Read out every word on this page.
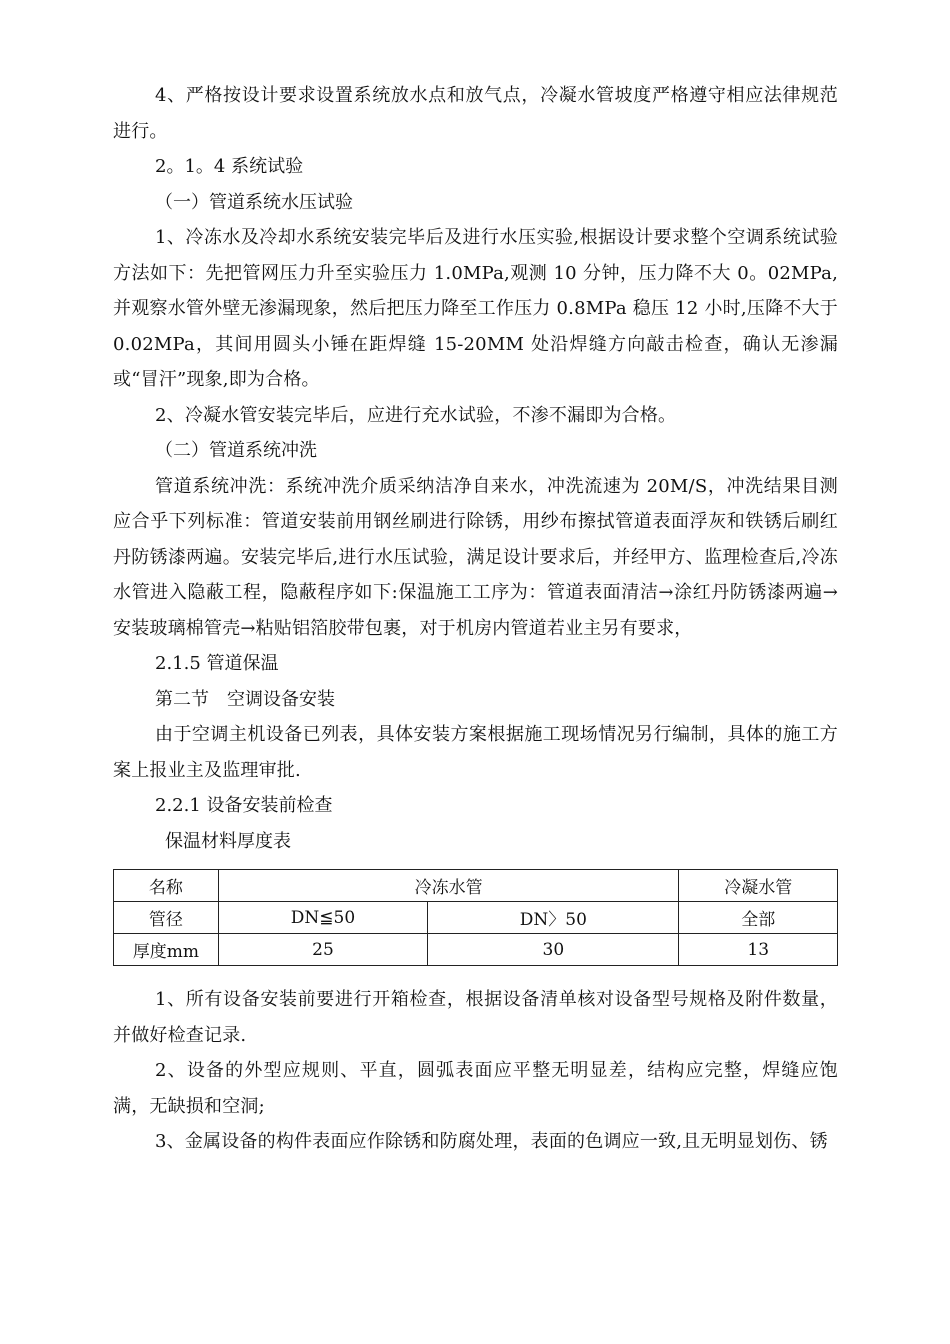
4、严格按设计要求设置系统放水点和放气点，冷凝水管坡度严格遵守相应法律规范进行。

2。1。4 系统试验

（一）管道系统水压试验

1、冷冻水及冷却水系统安装完毕后及进行水压实验,根据设计要求整个空调系统试验方法如下：先把管网压力升至实验压力 1.0MPa,观测 10 分钟，压力降不大 0。02MPa,并观察水管外壁无渗漏现象，然后把压力降至工作压力 0.8MPa 稳压 12 小时,压降不大于0.02MPa，其间用圆头小锤在距焊缝 15-20MM 处沿焊缝方向敲击检查，确认无渗漏或“冒汗”现象,即为合格。

2、冷凝水管安装完毕后，应进行充水试验，不渗不漏即为合格。

（二）管道系统冲洗

管道系统冲洗：系统冲洗介质采纳洁净自来水，冲洗流速为 20M/S，冲洗结果目测应合乎下列标准：管道安装前用钢丝刷进行除锈，用纱布擦拭管道表面浮灰和铁锈后刷红丹防锈漆两遍。安装完毕后,进行水压试验，满足设计要求后，并经甲方、监理检查后,冷冻水管进入隐蔽工程，隐蔽程序如下:保温施工工序为：管道表面清洁→涂红丹防锈漆两遍→安装玻璃棉管壳→粘贴铝箔胶带包裹，对于机房内管道若业主另有要求，

2.1.5 管道保温

第二节　空调设备安装

由于空调主机设备已列表，具体安装方案根据施工现场情况另行编制，具体的施工方案上报业主及监理审批.

2.2.1 设备安装前检查

保温材料厚度表

名称	冷冻水管		冷凝水管
管径	DN≦50	DN〉50	全部
厚度mm	25	30	13

1、所有设备安装前要进行开箱检查，根据设备清单核对设备型号规格及附件数量，并做好检查记录.

2、设备的外型应规则、平直，圆弧表面应平整无明显差，结构应完整，焊缝应饱满，无缺损和空洞;

3、金属设备的构件表面应作除锈和防腐处理，表面的色调应一致,且无明显划伤、锈
